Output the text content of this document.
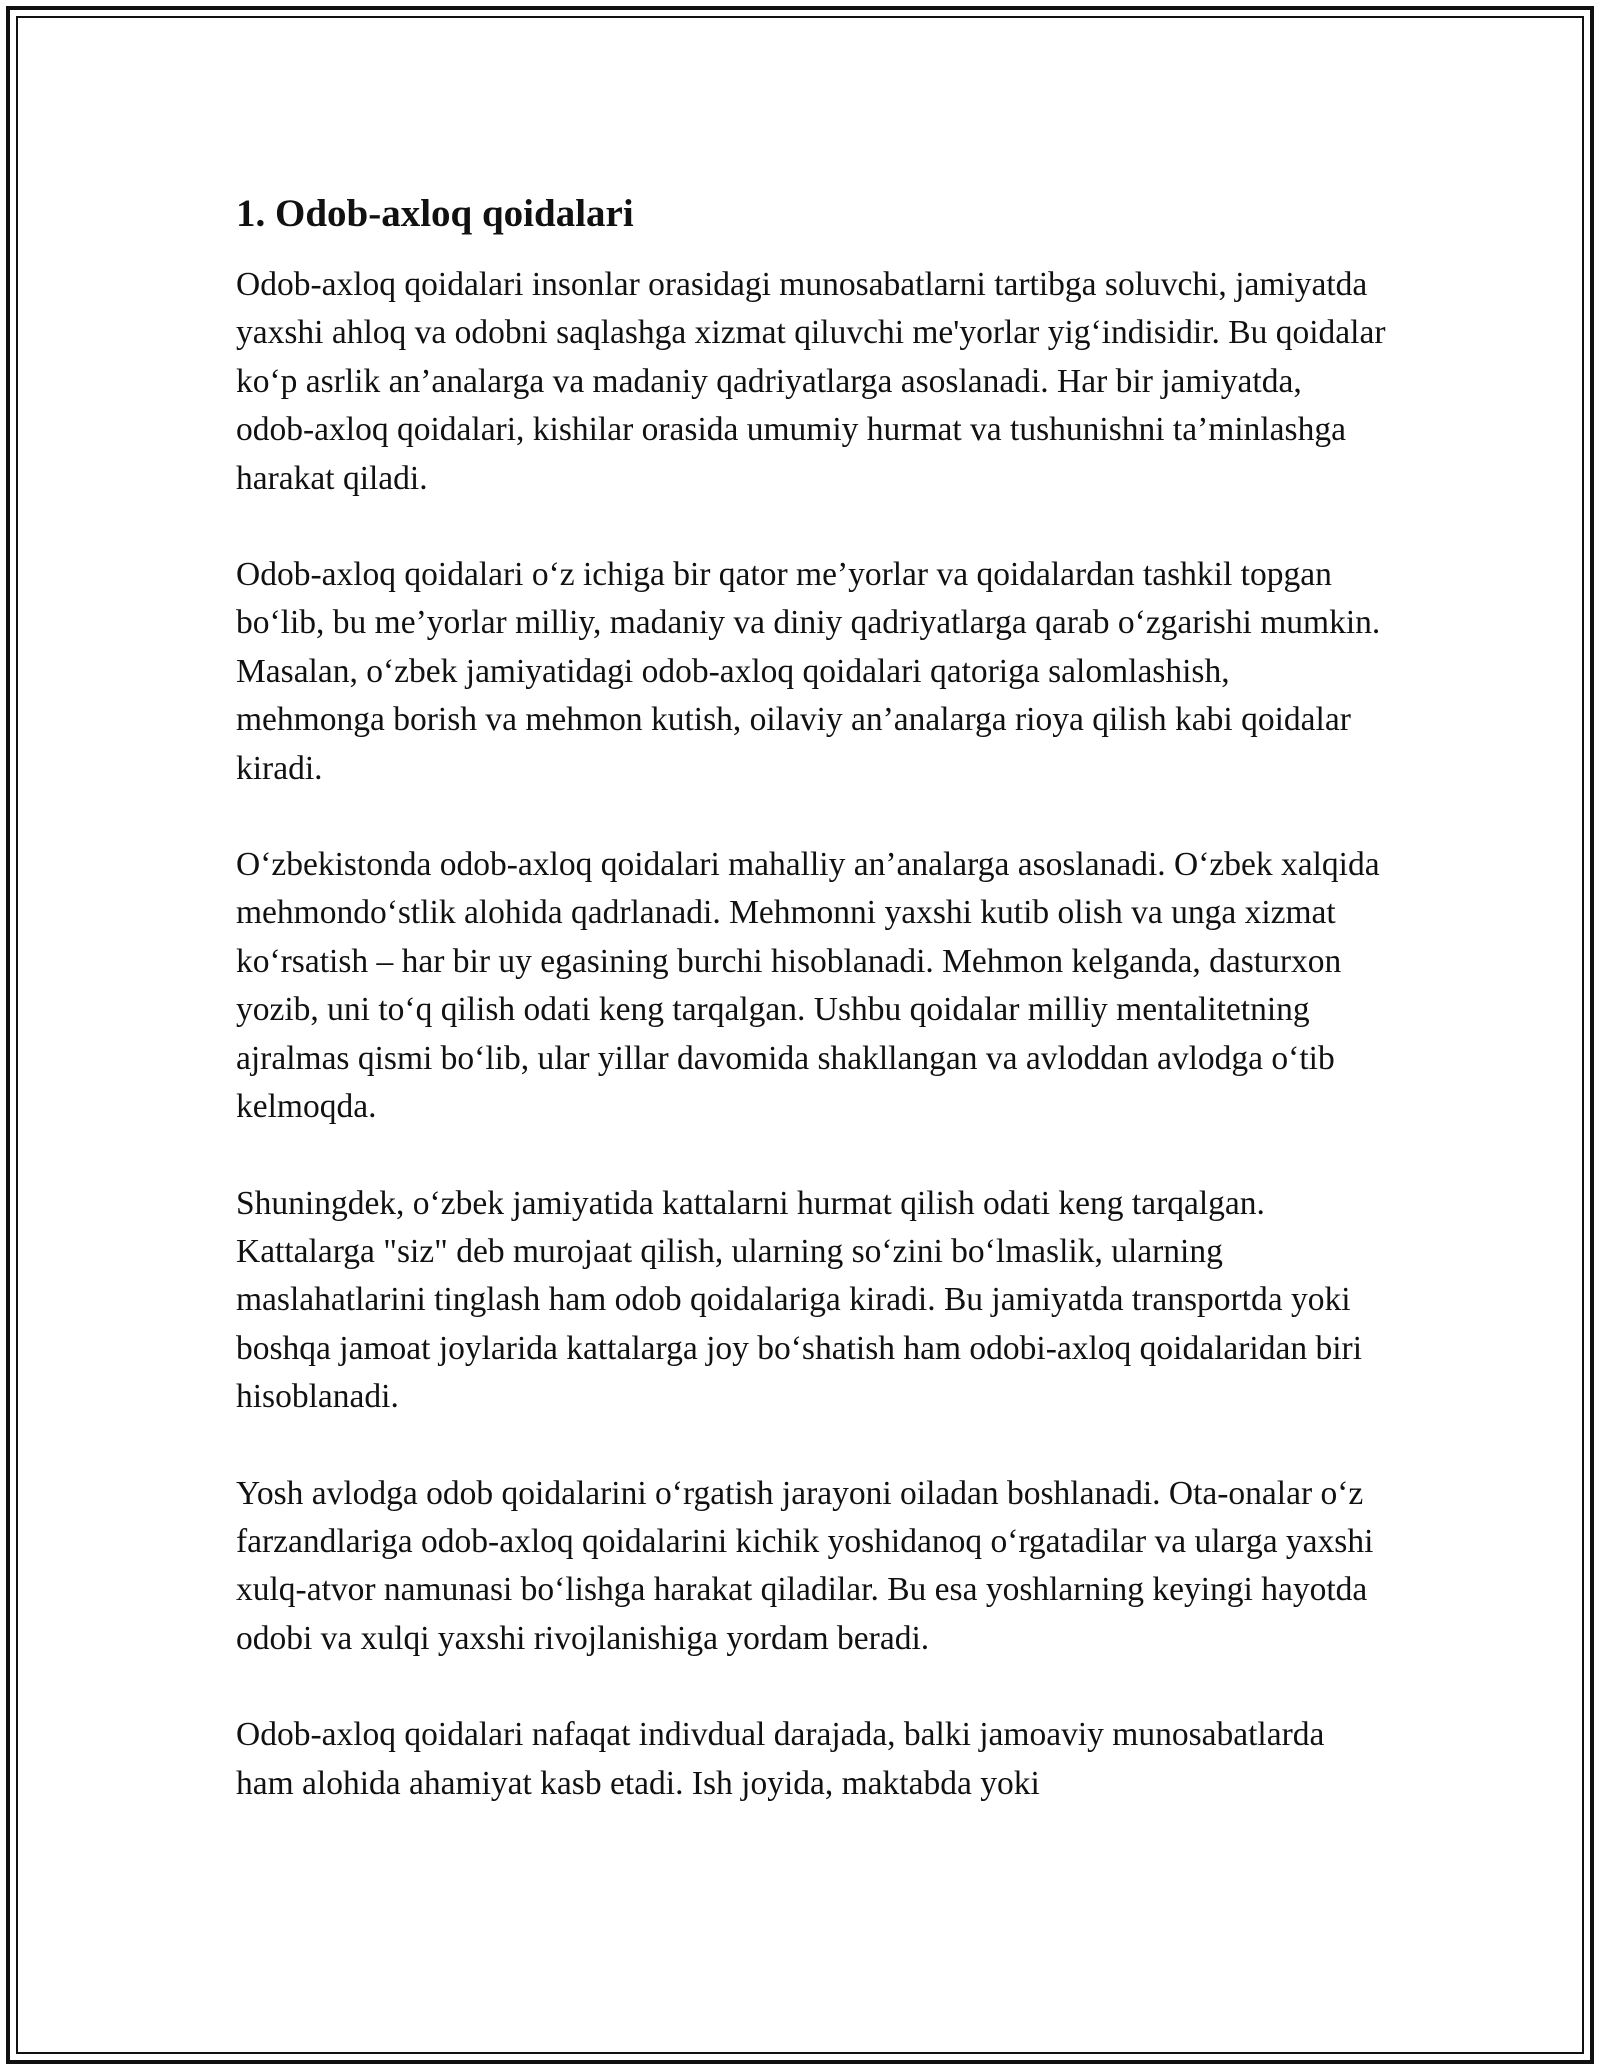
1. Odob-axloq qoidalari

Odob-axloq qoidalari insonlar orasidagi munosabatlarni tartibga soluvchi, jamiyatda yaxshi ahloq va odobni saqlashga xizmat qiluvchi me'yorlar yig‘indisidir. Bu qoidalar ko‘p asrlik an’analarga va madaniy qadriyatlarga asoslanadi. Har bir jamiyatda, odob-axloq qoidalari, kishilar orasida umumiy hurmat va tushunishni ta’minlashga harakat qiladi.

Odob-axloq qoidalari o‘z ichiga bir qator me’yorlar va qoidalardan tashkil topgan bo‘lib, bu me’yorlar milliy, madaniy va diniy qadriyatlarga qarab o‘zgarishi mumkin. Masalan, o‘zbek jamiyatidagi odob-axloq qoidalari qatoriga salomlashish, mehmonga borish va mehmon kutish, oilaviy an’analarga rioya qilish kabi qoidalar kiradi.

O‘zbekistonda odob-axloq qoidalari mahalliy an’analarga asoslanadi. O‘zbek xalqida mehmondo‘stlik alohida qadrlanadi. Mehmonni yaxshi kutib olish va unga xizmat ko‘rsatish – har bir uy egasining burchi hisoblanadi. Mehmon kelganda, dasturxon yozib, uni to‘q qilish odati keng tarqalgan. Ushbu qoidalar milliy mentalitetning ajralmas qismi bo‘lib, ular yillar davomida shakllangan va avloddan avlodga o‘tib kelmoqda.

Shuningdek, o‘zbek jamiyatida kattalarni hurmat qilish odati keng tarqalgan. Kattalarga "siz" deb murojaat qilish, ularning so‘zini bo‘lmaslik, ularning maslahatlarini tinglash ham odob qoidalariga kiradi. Bu jamiyatda transportda yoki boshqa jamoat joylarida kattalarga joy bo‘shatish ham odobi-axloq qoidalaridan biri hisoblanadi.

Yosh avlodga odob qoidalarini o‘rgatish jarayoni oiladan boshlanadi. Ota-onalar o‘z farzandlariga odob-axloq qoidalarini kichik yoshidanoq o‘rgatadilar va ularga yaxshi xulq-atvor namunasi bo‘lishga harakat qiladilar. Bu esa yoshlarning keyingi hayotda odobi va xulqi yaxshi rivojlanishiga yordam beradi.

Odob-axloq qoidalari nafaqat indivdual darajada, balki jamoaviy munosabatlarda ham alohida ahamiyat kasb etadi. Ish joyida, maktabda yoki
